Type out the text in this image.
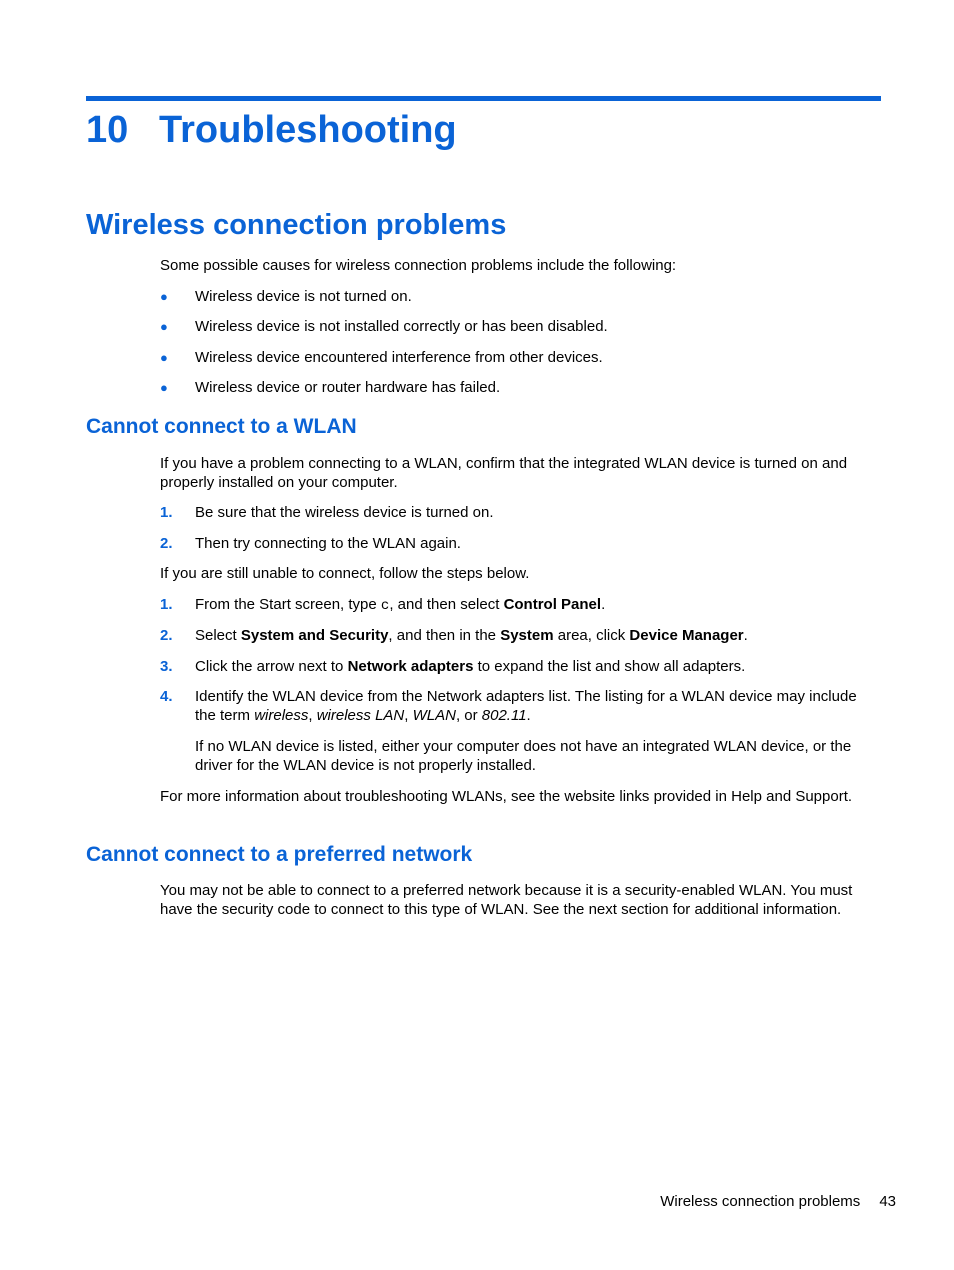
10 Troubleshooting
Wireless connection problems

Some possible causes for wireless connection problems include the following:

● Wireless device is not turned on.
● Wireless device is not installed correctly or has been disabled.
● Wireless device encountered interference from other devices.
● Wireless device or router hardware has failed.
Cannot connect to a WLAN

If you have a problem connecting to a WLAN, confirm that the integrated WLAN device is turned on and properly installed on your computer.

1. Be sure that the wireless device is turned on.
2. Then try connecting to the WLAN again.

If you are still unable to connect, follow the steps below.

1. From the Start screen, type c, and then select Control Panel.
2. Select System and Security, and then in the System area, click Device Manager.
3. Click the arrow next to Network adapters to expand the list and show all adapters.
4. Identify the WLAN device from the Network adapters list. The listing for a WLAN device may include the term wireless, wireless LAN, WLAN, or 802.11.

If no WLAN device is listed, either your computer does not have an integrated WLAN device, or the driver for the WLAN device is not properly installed.

For more information about troubleshooting WLANs, see the website links provided in Help and Support.

Cannot connect to a preferred network

You may not be able to connect to a preferred network because it is a security-enabled WLAN. You must have the security code to connect to this type of WLAN. See the next section for additional information.

Wireless connection problems 43
